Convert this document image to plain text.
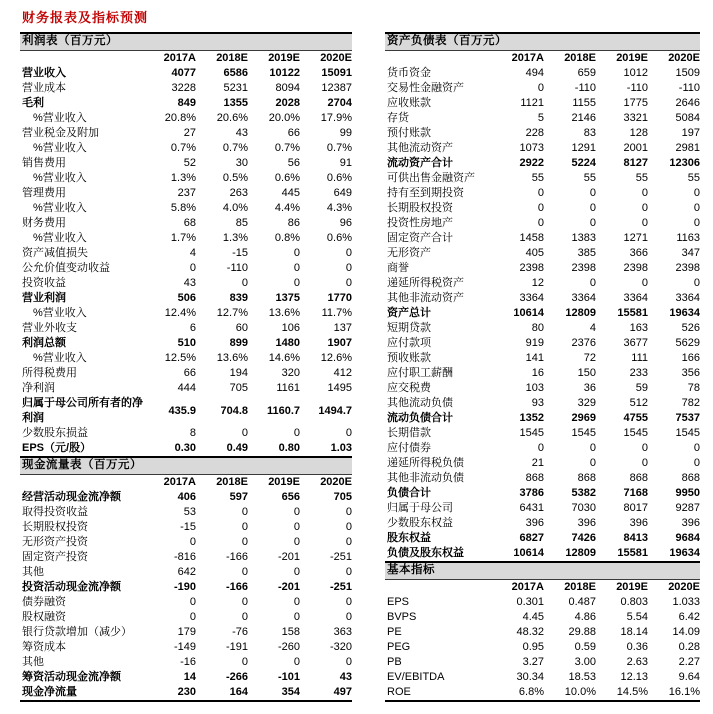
财务报表及指标预测
利润表（百万元）
	2017A	2018E	2019E	2020E
营业收入	4077	6586	10122	15091
营业成本	3228	5231	8094	12387
毛利	849	1355	2028	2704
%营业收入	20.8%	20.6%	20.0%	17.9%
营业税金及附加	27	43	66	99
%营业收入	0.7%	0.7%	0.7%	0.7%
销售费用	52	30	56	91
%营业收入	1.3%	0.5%	0.6%	0.6%
管理费用	237	263	445	649
%营业收入	5.8%	4.0%	4.4%	4.3%
财务费用	68	85	86	96
%营业收入	1.7%	1.3%	0.8%	0.6%
资产减值损失	4	-15	0	0
公允价值变动收益	0	-110	0	0
投资收益	43	0	0	0
营业利润	506	839	1375	1770
%营业收入	12.4%	12.7%	13.6%	11.7%
营业外收支	6	60	106	137
利润总额	510	899	1480	1907
%营业收入	12.5%	13.6%	14.6%	12.6%
所得税费用	66	194	320	412
净利润	444	705	1161	1495
归属于母公司所有者的净利润	435.9	704.8	1160.7	1494.7
少数股东损益	8	0	0	0
EPS（元/股）	0.30	0.49	0.80	1.03
现金流量表（百万元）
	2017A	2018E	2019E	2020E
经营活动现金流净额	406	597	656	705
取得投资收益	53	0	0	0
长期股权投资	-15	0	0	0
无形资产投资	0	0	0	0
固定资产投资	-816	-166	-201	-251
其他	642	0	0	0
投资活动现金流净额	-190	-166	-201	-251
债券融资	0	0	0	0
股权融资	0	0	0	0
银行贷款增加（减少）	179	-76	158	363
筹资成本	-149	-191	-260	-320
其他	-16	0	0	0
筹资活动现金流净额	14	-266	-101	43
现金净流量	230	164	354	497
资产负债表（百万元）
	2017A	2018E	2019E	2020E
货币资金	494	659	1012	1509
交易性金融资产	0	-110	-110	-110
应收账款	1121	1155	1775	2646
存货	5	2146	3321	5084
预付账款	228	83	128	197
其他流动资产	1073	1291	2001	2981
流动资产合计	2922	5224	8127	12306
可供出售金融资产	55	55	55	55
持有至到期投资	0	0	0	0
长期股权投资	0	0	0	0
投资性房地产	0	0	0	0
固定资产合计	1458	1383	1271	1163
无形资产	405	385	366	347
商誉	2398	2398	2398	2398
递延所得税资产	12	0	0	0
其他非流动资产	3364	3364	3364	3364
资产总计	10614	12809	15581	19634
短期贷款	80	4	163	526
应付款项	919	2376	3677	5629
预收账款	141	72	111	166
应付职工薪酬	16	150	233	356
应交税费	103	36	59	78
其他流动负债	93	329	512	782
流动负债合计	1352	2969	4755	7537
长期借款	1545	1545	1545	1545
应付债券	0	0	0	0
递延所得税负债	21	0	0	0
其他非流动负债	868	868	868	868
负债合计	3786	5382	7168	9950
归属于母公司	6431	7030	8017	9287
少数股东权益	396	396	396	396
股东权益	6827	7426	8413	9684
负债及股东权益	10614	12809	15581	19634
基本指标
	2017A	2018E	2019E	2020E
EPS	0.301	0.487	0.803	1.033
BVPS	4.45	4.86	5.54	6.42
PE	48.32	29.88	18.14	14.09
PEG	0.95	0.59	0.36	0.28
PB	3.27	3.00	2.63	2.27
EV/EBITDA	30.34	18.53	12.13	9.64
ROE	6.8%	10.0%	14.5%	16.1%
